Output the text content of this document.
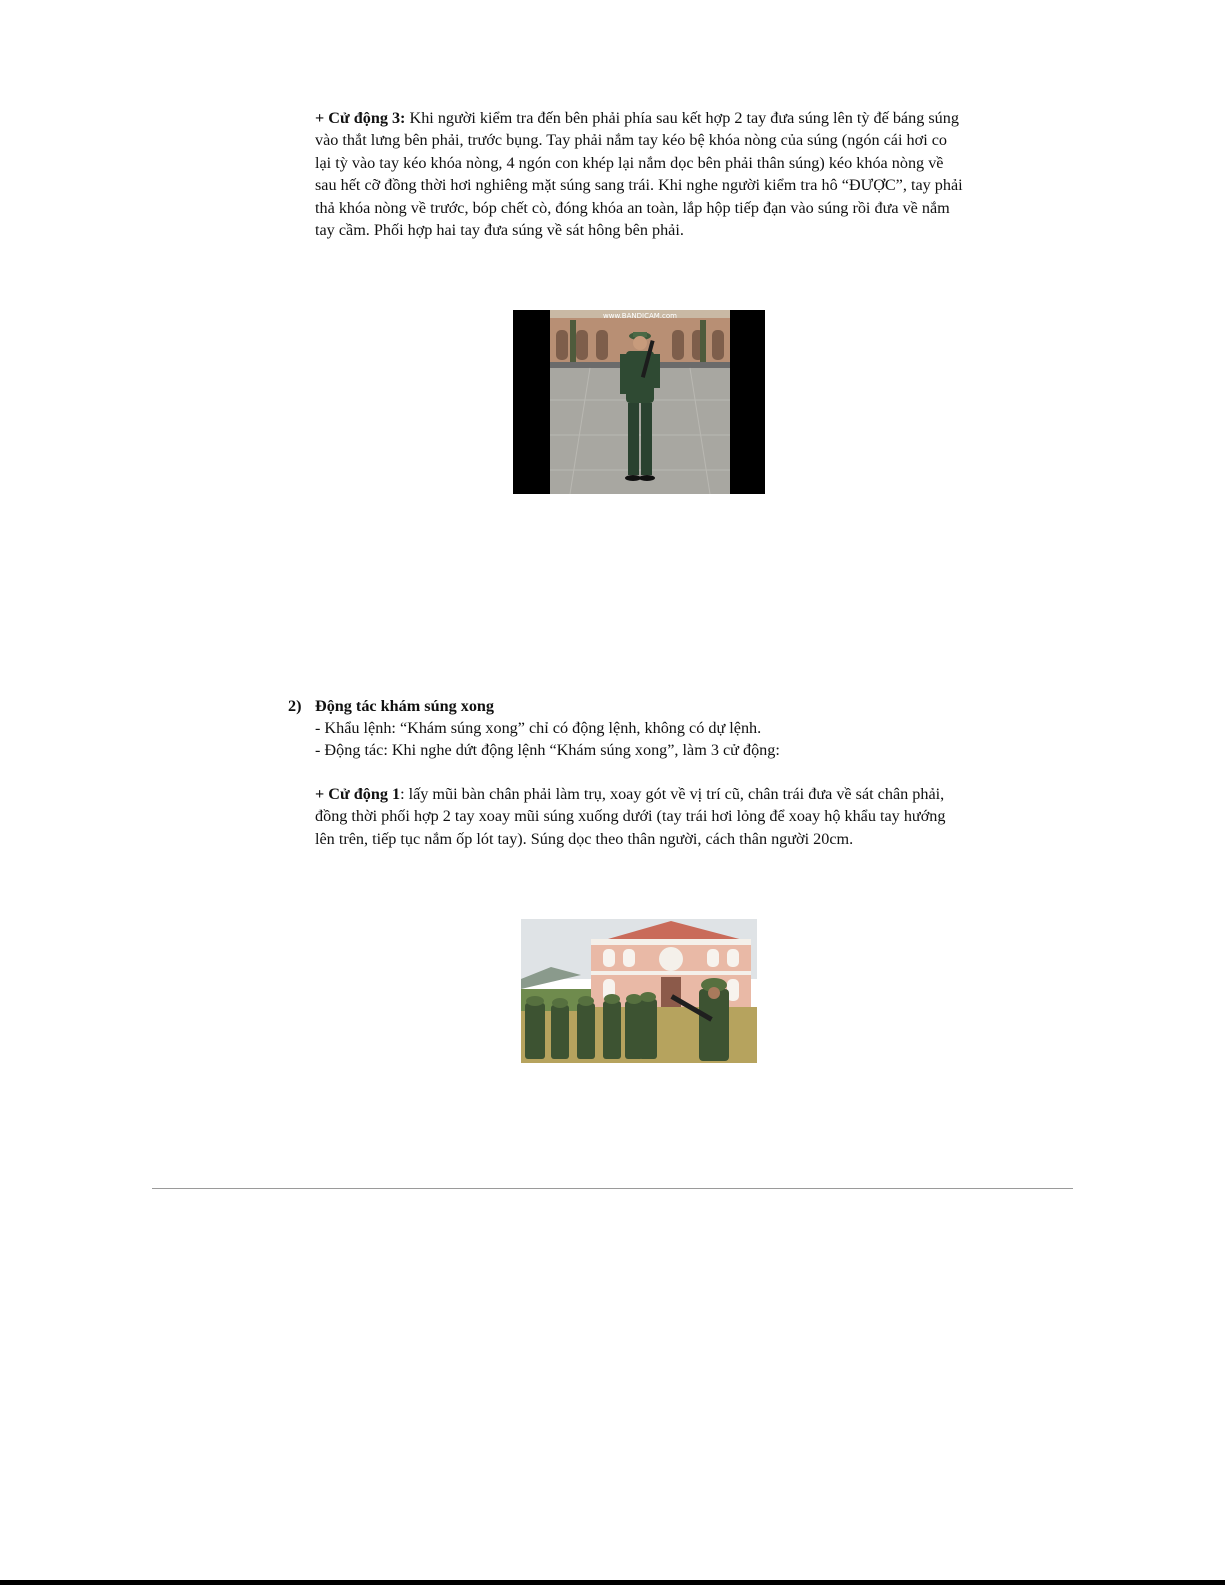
+ Cử động 3: Khi người kiểm tra đến bên phải phía sau kết hợp 2 tay đưa súng lên tỳ đế báng súng vào thắt lưng bên phải, trước bụng. Tay phải nắm tay kéo bệ khóa nòng của súng (ngón cái hơi co lại tỳ vào tay kéo khóa nòng, 4 ngón con khép lại nắm dọc bên phải thân súng) kéo khóa nòng về sau hết cỡ đồng thời hơi nghiêng mặt súng sang trái. Khi nghe người kiểm tra hô “ĐƯỢC”, tay phải thả khóa nòng về trước, bóp chết cò, đóng khóa an toàn, lắp hộp tiếp đạn vào súng rồi đưa về nắm tay cầm. Phối hợp hai tay đưa súng về sát hông bên phải.

www.BANDICAM.com

2) Động tác khám súng xong

- Khẩu lệnh: “Khám súng xong” chỉ có động lệnh, không có dự lệnh.

- Động tác: Khi nghe dứt động lệnh “Khám súng xong”, làm 3 cử động:

+ Cử động 1: lấy mũi bàn chân phải làm trụ, xoay gót về vị trí cũ, chân trái đưa về sát chân phải, đồng thời phối hợp 2 tay xoay mũi súng xuống dưới (tay trái hơi lỏng để xoay hộ khẩu tay hướng lên trên, tiếp tục nắm ốp lót tay). Súng dọc theo thân người, cách thân người 20cm.
